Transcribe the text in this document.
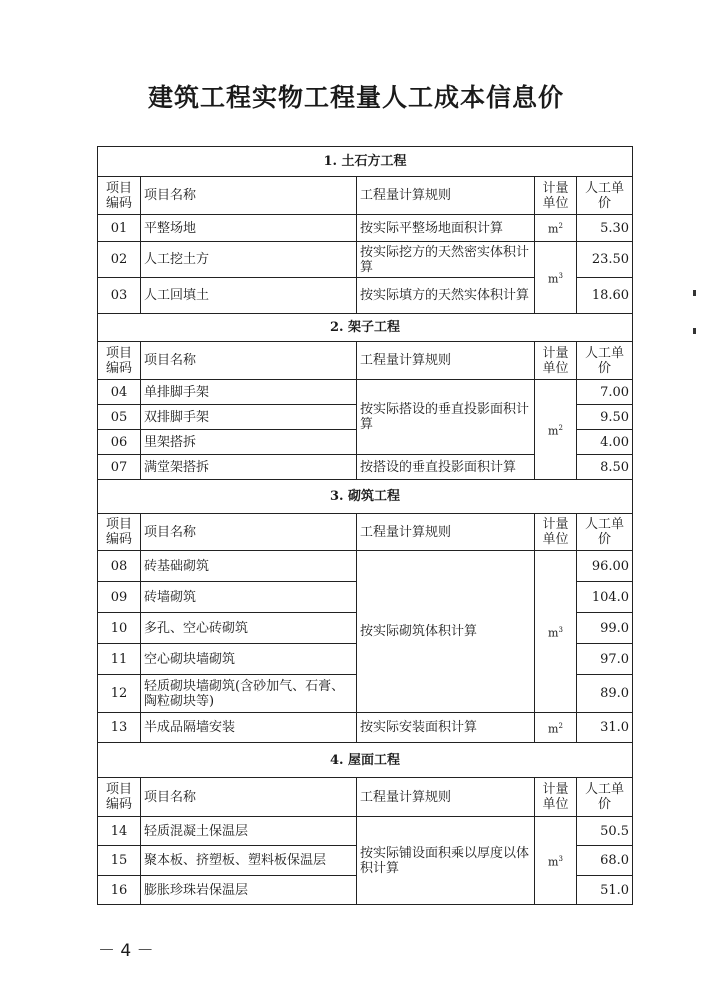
建筑工程实物工程量人工成本信息价
1. 土石方工程				
项目编码	项目名称	工程量计算规则	计量单位	人工单价
01	平整场地	按实际平整场地面积计算	$m^2$	5.30
02	人工挖土方	按实际挖方的天然密实体积计算	$m^3$	23.50
03	人工回填土	按实际填方的天然实体积计算		18.60
2. 架子工程				
项目编码	项目名称	工程量计算规则	计量单位	人工单价
04	单排脚手架	按实际搭设的垂直投影面积计算	$m^2$	7.00
05	双排脚手架			9.50
06	里架搭拆			4.00
07	满堂架搭拆	按搭设的垂直投影面积计算		8.50
3. 砌筑工程				
项目编码	项目名称	工程量计算规则	计量单位	人工单价
08	砖基础砌筑	按实际砌筑体积计算	$m^3$	96.00
09	砖墙砌筑			104.0
10	多孔、空心砖砌筑			99.0
11	空心砌块墙砌筑			97.0
12	轻质砌块墙砌筑(含砂加气、石膏、陶粒砌块等)			89.0
13	半成品隔墙安装	按实际安装面积计算	$m^2$	31.0
4. 屋面工程				
项目编码	项目名称	工程量计算规则	计量单位	人工单价
14	轻质混凝土保温层	按实际铺设面积乘以厚度以体积计算	$m^3$	50.5
15	聚本板、挤塑板、塑料板保温层			68.0
16	膨胀珍珠岩保温层			51.0
－ 4 －
